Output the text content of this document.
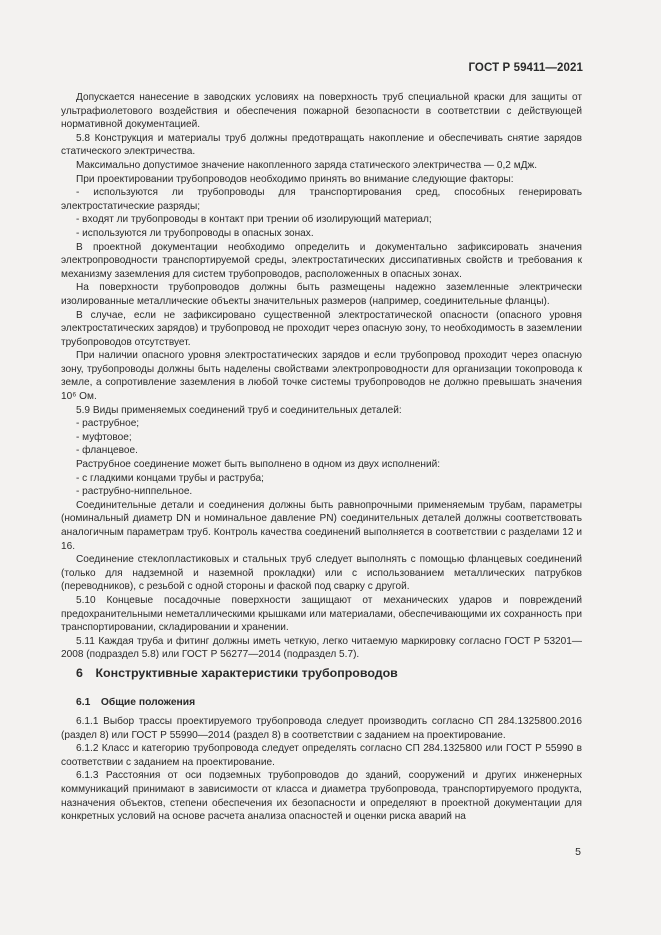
ГОСТ Р 59411—2021

Допускается нанесение в заводских условиях на поверхность труб специальной краски для защиты от ультрафиолетового воздействия и обеспечения пожарной безопасности в соответствии с действующей нормативной документацией.

5.8 Конструкция и материалы труб должны предотвращать накопление и обеспечивать снятие зарядов статического электричества.

Максимально допустимое значение накопленного заряда статического электричества — 0,2 мДж.

При проектировании трубопроводов необходимо принять во внимание следующие факторы:

- используются ли трубопроводы для транспортирования сред, способных генерировать электростатические разряды;

- входят ли трубопроводы в контакт при трении об изолирующий материал;

- используются ли трубопроводы в опасных зонах.

В проектной документации необходимо определить и документально зафиксировать значения электропроводности транспортируемой среды, электростатических диссипативных свойств и требования к механизму заземления для систем трубопроводов, расположенных в опасных зонах.

На поверхности трубопроводов должны быть размещены надежно заземленные электрически изолированные металлические объекты значительных размеров (например, соединительные фланцы).

В случае, если не зафиксировано существенной электростатической опасности (опасного уровня электростатических зарядов) и трубопровод не проходит через опасную зону, то необходимость в заземлении трубопроводов отсутствует.

При наличии опасного уровня электростатических зарядов и если трубопровод проходит через опасную зону, трубопроводы должны быть наделены свойствами электропроводности для организации токопровода к земле, а сопротивление заземления в любой точке системы трубопроводов не должно превышать значения 10⁶ Ом.

5.9 Виды применяемых соединений труб и соединительных деталей:

- раструбное;

- муфтовое;

- фланцевое.

Раструбное соединение может быть выполнено в одном из двух исполнений:

- с гладкими концами трубы и раструба;

- раструбно-ниппельное.

Соединительные детали и соединения должны быть равнопрочными применяемым трубам, параметры (номинальный диаметр DN и номинальное давление PN) соединительных деталей должны соответствовать аналогичным параметрам труб. Контроль качества соединений выполняется в соответствии с разделами 12 и 16.

Соединение стеклопластиковых и стальных труб следует выполнять с помощью фланцевых соединений (только для надземной и наземной прокладки) или с использованием металлических патрубков (переводников), с резьбой с одной стороны и фаской под сварку с другой.

5.10 Концевые посадочные поверхности защищают от механических ударов и повреждений предохранительными неметаллическими крышками или материалами, обеспечивающими их сохранность при транспортировании, складировании и хранении.

5.11 Каждая труба и фитинг должны иметь четкую, легко читаемую маркировку согласно ГОСТ Р 53201—2008 (подраздел 5.8) или ГОСТ Р 56277—2014 (подраздел 5.7).

6 Конструктивные характеристики трубопроводов
6.1 Общие положения

6.1.1 Выбор трассы проектируемого трубопровода следует производить согласно СП 284.1325800.2016 (раздел 8) или ГОСТ Р 55990—2014 (раздел 8) в соответствии с заданием на проектирование.

6.1.2 Класс и категорию трубопровода следует определять согласно СП 284.1325800 или ГОСТ Р 55990 в соответствии с заданием на проектирование.

6.1.3 Расстояния от оси подземных трубопроводов до зданий, сооружений и других инженерных коммуникаций принимают в зависимости от класса и диаметра трубопровода, транспортируемого продукта, назначения объектов, степени обеспечения их безопасности и определяют в проектной документации для конкретных условий на основе расчета анализа опасностей и оценки риска аварий на

5
